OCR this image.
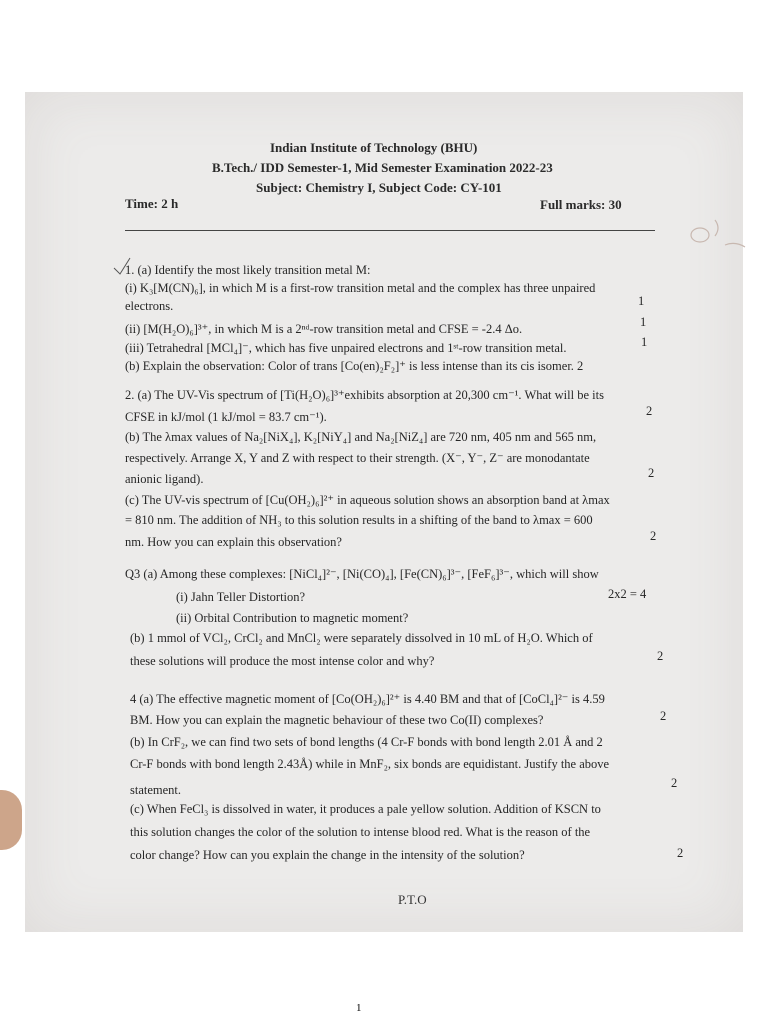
Indian Institute of Technology (BHU)
B.Tech./ IDD Semester-1, Mid Semester Examination 2022-23
Subject: Chemistry I, Subject Code: CY-101
Time: 2 h	Full marks: 30
1. (a) Identify the most likely transition metal M:
(i) K₃[M(CN)₆], in which M is a first-row transition metal and the complex has three unpaired
electrons.	1
(ii) [M(H₂O)₆]³⁺, in which M is a 2ⁿᵈ-row transition metal and CFSE = -2.4 Δo.	1
(iii) Tetrahedral [MCl₄]⁻, which has five unpaired electrons and 1ˢᵗ-row transition metal.	1
(b) Explain the observation: Color of trans [Co(en)₂F₂]⁺ is less intense than its cis isomer. 2
2. (a) The UV-Vis spectrum of [Ti(H₂O)₆]³⁺exhibits absorption at 20,300 cm⁻¹. What will be its
CFSE in kJ/mol (1 kJ/mol = 83.7 cm⁻¹).	2
(b) The λmax values of Na₂[NiX₄], K₂[NiY₄] and Na₂[NiZ₄] are 720 nm, 405 nm and 565 nm,
respectively. Arrange X, Y and Z with respect to their strength. (X⁻, Y⁻, Z⁻ are monodantate
anionic ligand).	2
(c) The UV-vis spectrum of [Cu(OH₂)₆]²⁺ in aqueous solution shows an absorption band at λmax
= 810 nm. The addition of NH₃ to this solution results in a shifting of the band to λmax = 600
nm. How you can explain this observation?	2
Q3 (a) Among these complexes: [NiCl₄]²⁻, [Ni(CO)₄], [Fe(CN)₆]³⁻, [FeF₆]³⁻, which will show
(i) Jahn Teller Distortion?	2x2 = 4
(ii) Orbital Contribution to magnetic moment?
(b) 1 mmol of VCl₂, CrCl₂ and MnCl₂ were separately dissolved in 10 mL of H₂O. Which of
these solutions will produce the most intense color and why?	2
4 (a) The effective magnetic moment of [Co(OH₂)₆]²⁺ is 4.40 BM and that of [CoCl₄]²⁻ is 4.59
BM. How you can explain the magnetic behaviour of these two Co(II) complexes?	2
(b) In CrF₂, we can find two sets of bond lengths (4 Cr-F bonds with bond length 2.01 Å and 2
Cr-F bonds with bond length 2.43Å) while in MnF₂, six bonds are equidistant. Justify the above
statement.	2
(c) When FeCl₃ is dissolved in water, it produces a pale yellow solution. Addition of KSCN to
this solution changes the color of the solution to intense blood red. What is the reason of the
color change? How can you explain the change in the intensity of the solution?	2
P.T.O
1
